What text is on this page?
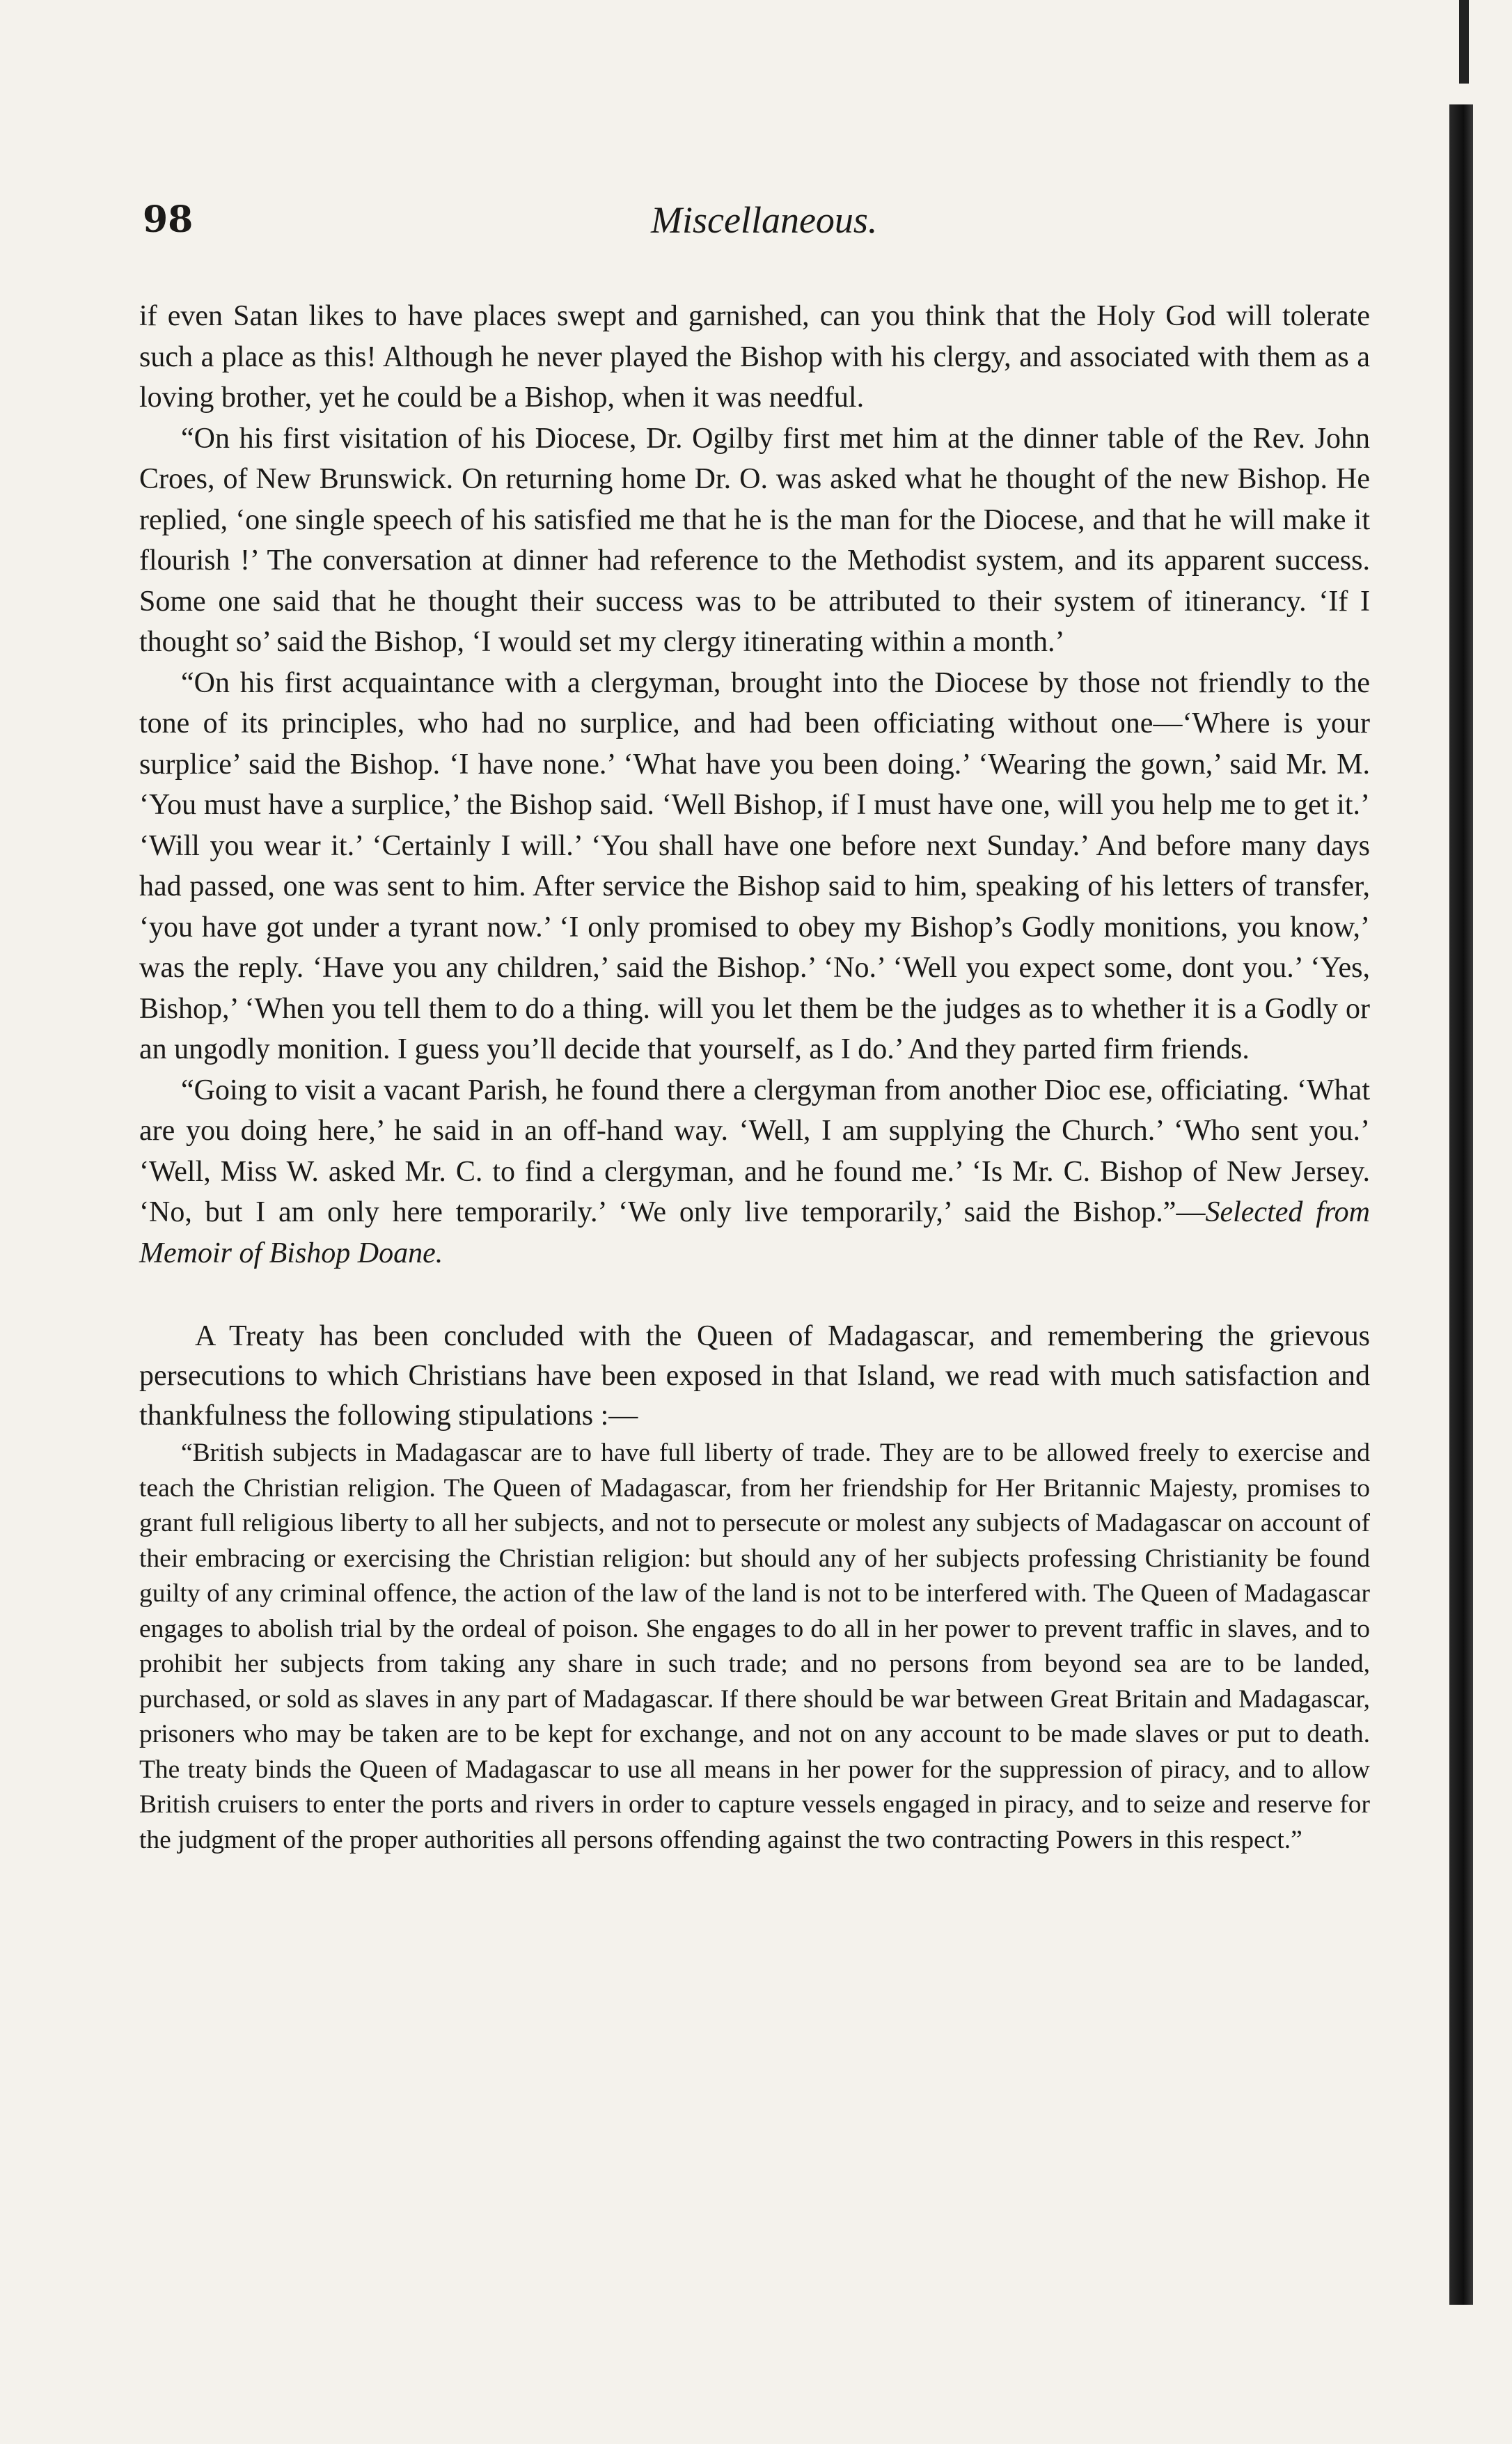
98	Miscellaneous.

if even Satan likes to have places swept and garnished, can you think that the Holy God will tolerate such a place as this! Although he never played the Bishop with his clergy, and associated with them as a loving brother, yet he could be a Bishop, when it was needful.

“On his first visitation of his Diocese, Dr. Ogilby first met him at the dinner table of the Rev. John Croes, of New Brunswick. On returning home Dr. O. was asked what he thought of the new Bishop. He replied, ‘one single speech of his satisfied me that he is the man for the Diocese, and that he will make it flourish !’ The conversation at dinner had reference to the Methodist system, and its apparent success. Some one said that he thought their success was to be attributed to their system of itinerancy. ‘If I thought so’ said the Bishop, ‘I would set my clergy itinerating within a month.’

“On his first acquaintance with a clergyman, brought into the Diocese by those not friendly to the tone of its principles, who had no surplice, and had been officiating without one—‘Where is your surplice’ said the Bishop. ‘I have none.’ ‘What have you been doing.’ ‘Wearing the gown,’ said Mr. M. ‘You must have a surplice,’ the Bishop said. ‘Well Bishop, if I must have one, will you help me to get it.’ ‘Will you wear it.’ ‘Certainly I will.’ ‘You shall have one before next Sunday.’ And before many days had passed, one was sent to him. After service the Bishop said to him, speaking of his letters of transfer, ‘you have got under a tyrant now.’ ‘I only promised to obey my Bishop’s Godly monitions, you know,’ was the reply. ‘Have you any children,’ said the Bishop.’ ‘No.’ ‘Well you expect some, dont you.’ ‘Yes, Bishop,’ ‘When you tell them to do a thing. will you let them be the judges as to whether it is a Godly or an ungodly monition. I guess you’ll decide that yourself, as I do.’ And they parted firm friends.

“Going to visit a vacant Parish, he found there a clergyman from another Dioc ese, officiating. ‘What are you doing here,’ he said in an off-hand way. ‘Well, I am supplying the Church.’ ‘Who sent you.’ ‘Well, Miss W. asked Mr. C. to find a clergyman, and he found me.’ ‘Is Mr. C. Bishop of New Jersey. ‘No, but I am only here temporarily.’ ‘We only live temporarily,’ said the Bishop.”—Selected from Memoir of Bishop Doane.

A Treaty has been concluded with the Queen of Madagascar, and remembering the grievous persecutions to which Christians have been exposed in that Island, we read with much satisfaction and thankfulness the following stipulations :—

“British subjects in Madagascar are to have full liberty of trade. They are to be allowed freely to exercise and teach the Christian religion. The Queen of Madagascar, from her friendship for Her Britannic Majesty, promises to grant full religious liberty to all her subjects, and not to persecute or molest any subjects of Madagascar on account of their embracing or exercising the Christian religion: but should any of her subjects professing Christianity be found guilty of any criminal offence, the action of the law of the land is not to be interfered with. The Queen of Madagascar engages to abolish trial by the ordeal of poison. She engages to do all in her power to prevent traffic in slaves, and to prohibit her subjects from taking any share in such trade; and no persons from beyond sea are to be landed, purchased, or sold as slaves in any part of Madagascar. If there should be war between Great Britain and Madagascar, prisoners who may be taken are to be kept for exchange, and not on any account to be made slaves or put to death. The treaty binds the Queen of Madagascar to use all means in her power for the suppression of piracy, and to allow British cruisers to enter the ports and rivers in order to capture vessels engaged in piracy, and to seize and reserve for the judgment of the proper authorities all persons offending against the two contracting Powers in this respect.”
